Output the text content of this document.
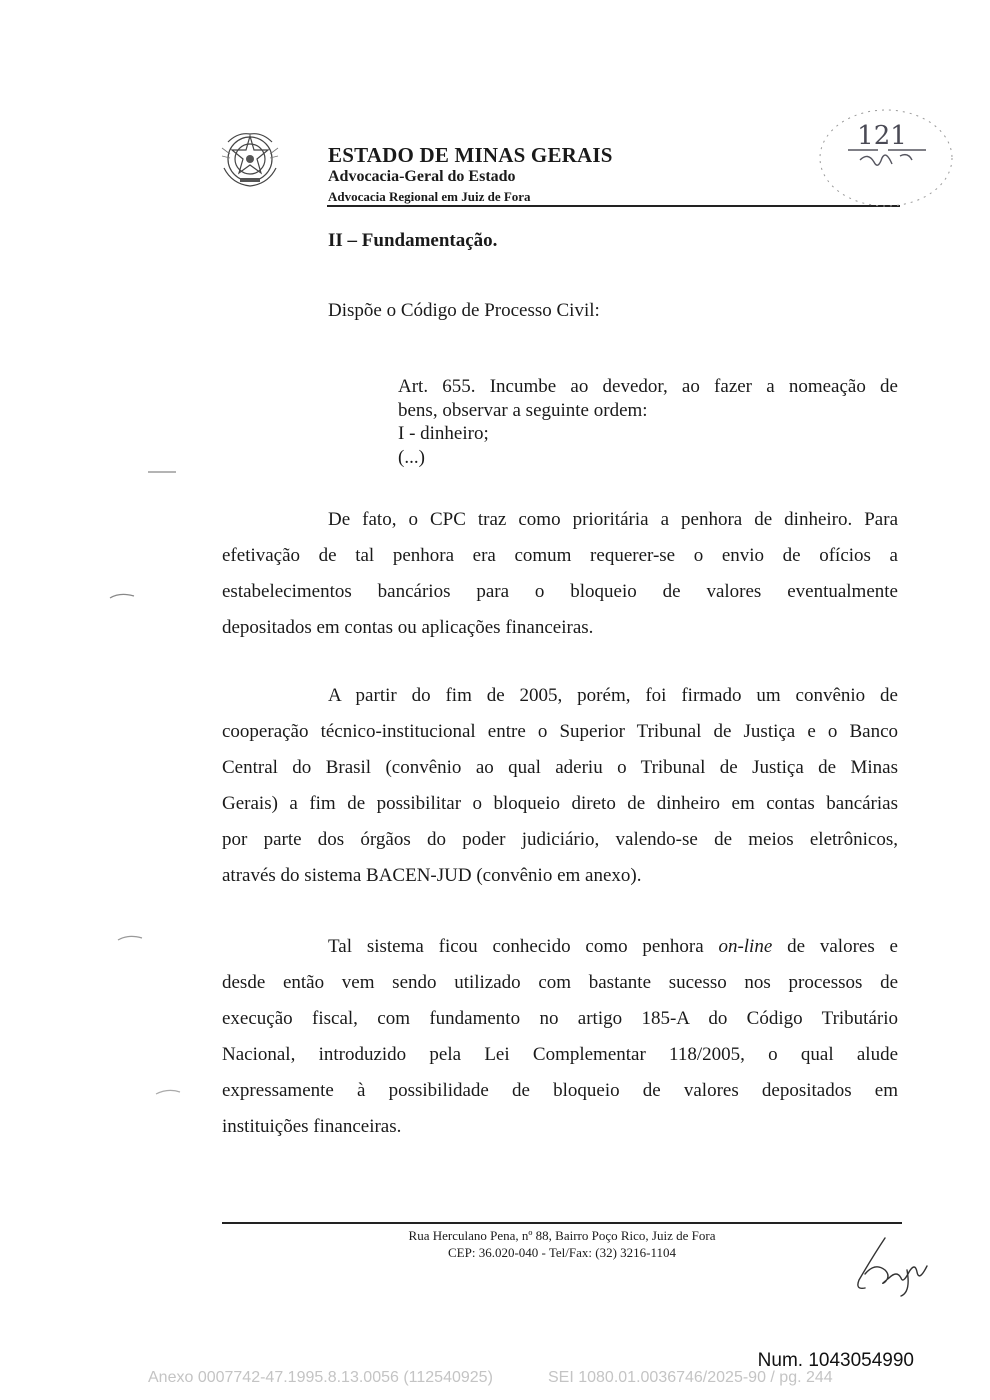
ESTADO DE MINAS GERAIS
Advocacia-Geral do Estado
Advocacia Regional em Juiz de Fora
121
II – Fundamentação.
Dispõe o Código de Processo Civil:
Art. 655. Incumbe ao devedor, ao fazer a nomeação de
bens, observar a seguinte ordem:
I - dinheiro;
(...)
De fato, o CPC traz como prioritária a penhora de dinheiro. Para
efetivação de tal penhora era comum requerer-se o envio de ofícios a
estabelecimentos bancários para o bloqueio de valores eventualmente
depositados em contas ou aplicações financeiras.
A partir do fim de 2005, porém, foi firmado um convênio de
cooperação técnico-institucional entre o Superior Tribunal de Justiça e o Banco
Central do Brasil (convênio ao qual aderiu o Tribunal de Justiça de Minas
Gerais) a fim de possibilitar o bloqueio direto de dinheiro em contas bancárias
por parte dos órgãos do poder judiciário, valendo-se de meios eletrônicos,
através do sistema BACEN-JUD (convênio em anexo).
Tal sistema ficou conhecido como penhora on-line de valores e
desde então vem sendo utilizado com bastante sucesso nos processos de
execução fiscal, com fundamento no artigo 185-A do Código Tributário
Nacional, introduzido pela Lei Complementar 118/2005, o qual alude
expressamente à possibilidade de bloqueio de valores depositados em
instituições financeiras.
Rua Herculano Pena, nº 88, Bairro Poço Rico, Juiz de Fora
CEP: 36.020-040 - Tel/Fax: (32) 3216-1104
Num. 1043054990
Anexo 0007742-47.1995.8.13.0056 (112540925)	SEI 1080.01.0036746/2025-90 / pg. 244
